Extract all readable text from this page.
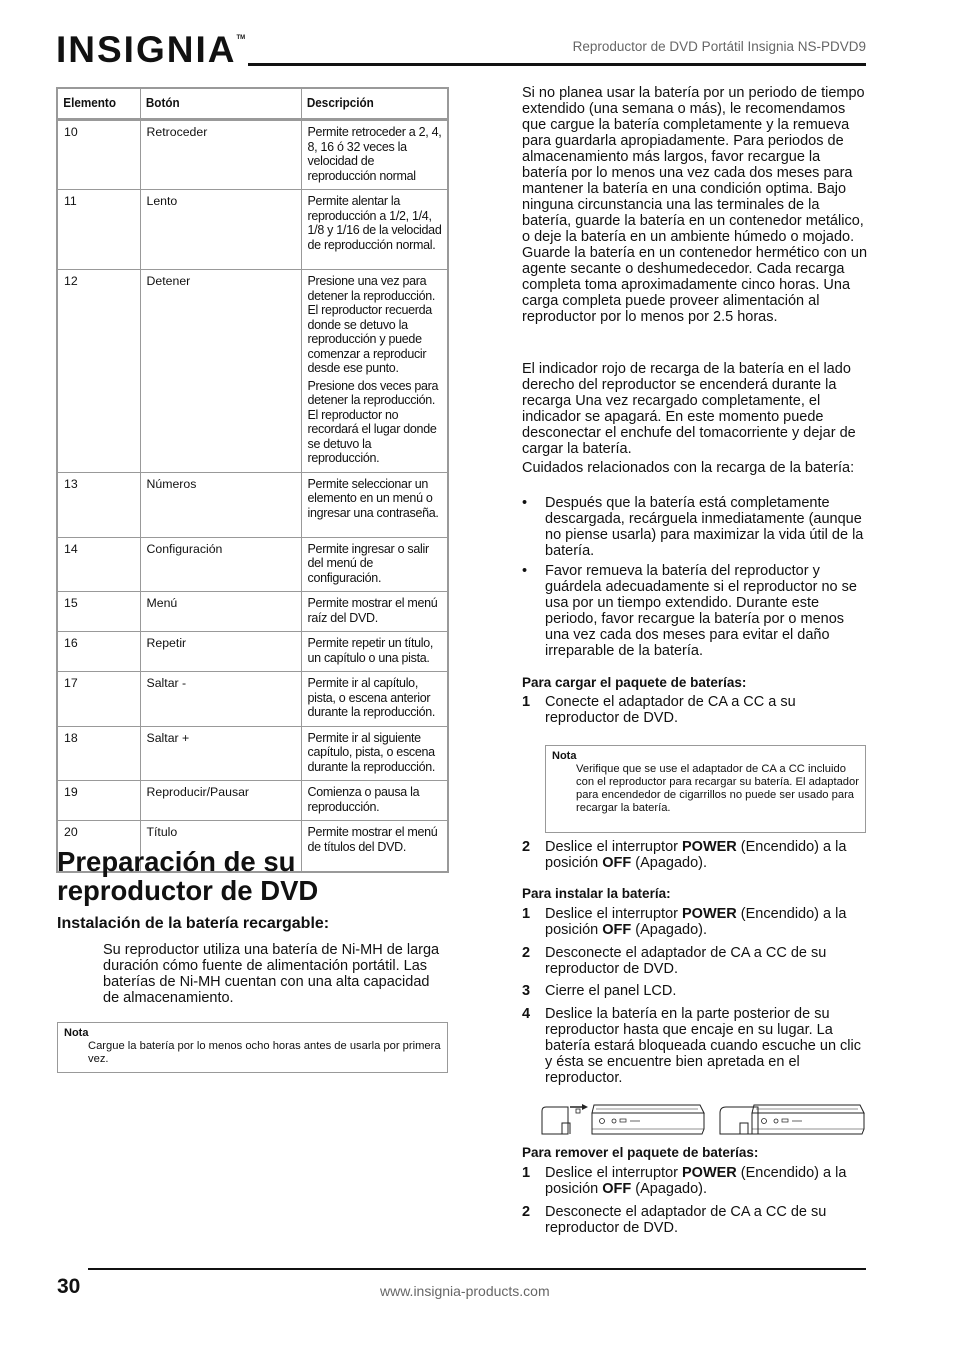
INSIGNIA™
Reproductor de DVD Portátil Insignia NS-PDVD9
Elemento	Botón	Descripción
10	Retroceder	Permite retroceder a 2, 4, 8, 16 ó 32 veces la velocidad de reproducción normal
11	Lento	Permite alentar la reproducción a 1/2, 1/4, 1/8 y 1/16 de la velocidad de reproducción normal.
12	Detener	Presione una vez para detener la reproducción. El reproductor recuerda donde se detuvo la reproducción y puede comenzar a reproducir desde ese punto.
Presione dos veces para detener la reproducción. El reproductor no recordará el lugar donde se detuvo la reproducción.

13	Números	Permite seleccionar un elemento en un menú o ingresar una contraseña.
14	Configuración	Permite ingresar o salir del menú de configuración.
15	Menú	Permite mostrar el menú raíz del DVD.
16	Repetir	Permite repetir un título, un capítulo o una pista.
17	Saltar -	Permite ir al capítulo, pista, o escena anterior durante la reproducción.
18	Saltar +	Permite ir al siguiente capítulo, pista, o escena durante la reproducción.
19	Reproducir/Pausar	Comienza o pausa la reproducción.
20	Título	Permite mostrar el menú de títulos del DVD.
Preparación de su
reproductor de DVD
Instalación de la batería recargable:
Su reproductor utiliza una batería de Ni-MH de larga duración cómo fuente de alimentación portátil. Las baterías de Ni-MH cuentan con una alta capacidad de almacenamiento.
Nota
Cargue la batería por lo menos ocho horas antes de usarla por primera vez.
Si no planea usar la batería por un periodo de tiempo extendido (una semana o más), le recomendamos que cargue la batería completamente y la remueva para guardarla apropiadamente. Para periodos de almacenamiento más largos, favor recargue la batería por lo menos una vez cada dos meses para mantener la batería en una condición optima. Bajo ninguna circunstancia una las terminales de la batería, guarde la batería en un contenedor metálico, o deje la batería en un ambiente húmedo o mojado. Guarde la batería en un contenedor hermético con un agente secante o deshumedecedor. Cada recarga completa toma aproximadamente cinco horas. Una carga completa puede proveer alimentación al reproductor por lo menos por 2.5 horas.
El indicador rojo de recarga de la batería en el lado derecho del reproductor se encenderá durante la recarga Una vez recargado completamente, el indicador se apagará. En este momento puede desconectar el enchufe del tomacorriente y dejar de cargar la batería.
Cuidados relacionados con la recarga de la batería:
• Después que la batería está completamente descargada, recárguela inmediatamente (aunque no piense usarla) para maximizar la vida útil de la batería.
• Favor remueva la batería del reproductor y guárdela adecuadamente si el reproductor no se usa por un tiempo extendido. Durante este periodo, favor recargue la batería por o menos una vez cada dos meses para evitar el daño irreparable de la batería.
Para cargar el paquete de baterías:
1 Conecte el adaptador de CA a CC a su reproductor de DVD.
Nota
Verifique que se use el adaptador de CA a CC incluido con el reproductor para recargar su batería. El adaptador para encendedor de cigarrillos no puede ser usado para recargar la batería.
2 Deslice el interruptor POWER (Encendido) a la posición OFF (Apagado).
Para instalar la batería:
1 Deslice el interruptor POWER (Encendido) a la posición OFF (Apagado).
2 Desconecte el adaptador de CA a CC de su reproductor de DVD.
3 Cierre el panel LCD.
4 Deslice la batería en la parte posterior de su reproductor hasta que encaje en su lugar. La batería estará bloqueada cuando escuche un clic y ésta se encuentre bien apretada en el reproductor.
Para remover el paquete de baterías:
1 Deslice el interruptor POWER (Encendido) a la posición OFF (Apagado).
2 Desconecte el adaptador de CA a CC de su reproductor de DVD.
30	www.insignia-products.com
